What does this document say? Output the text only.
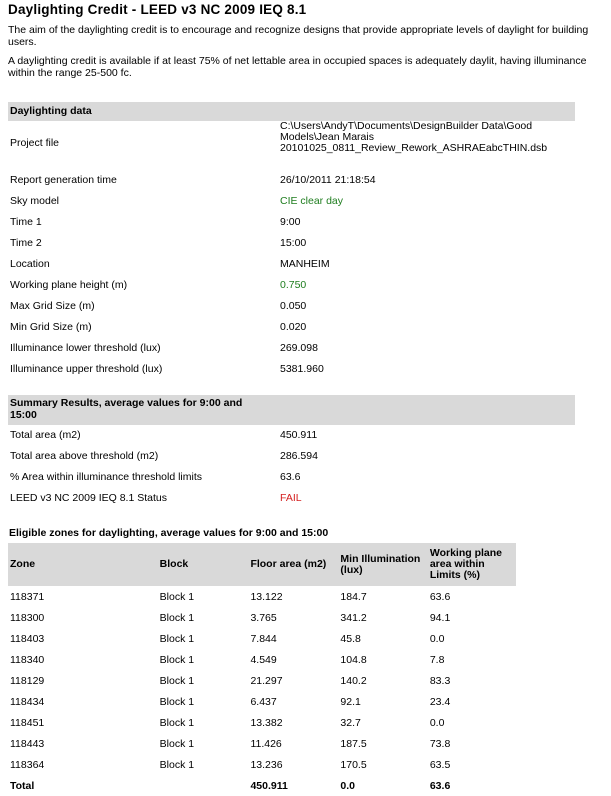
Daylighting Credit - LEED v3 NC 2009 IEQ 8.1
The aim of the daylighting credit is to encourage and recognize designs that provide appropriate levels of daylight for building users.
A daylighting credit is available if at least 75% of net lettable area in occupied spaces is adequately daylit, having illuminance within the range 25-500 fc.
Daylighting data
Project file
C:\Users\AndyT\Documents\DesignBuilder Data\Good
Models\Jean Marais
20101025_0811_Review_Rework_ASHRAEabcTHIN.dsb
Report generation time	26/10/2011 21:18:54
Sky model	CIE clear day
Time 1	9:00
Time 2	15:00
Location	MANHEIM
Working plane height (m)	0.750
Max Grid Size (m)	0.050
Min Grid Size (m)	0.020
Illuminance lower threshold (lux)	269.098
Illuminance upper threshold (lux)	5381.960
Summary Results, average values for 9:00 and
15:00
Total area (m2)	450.911
Total area above threshold (m2)	286.594
% Area within illuminance threshold limits	63.6
LEED v3 NC 2009 IEQ 8.1 Status	FAIL
Eligible zones for daylighting, average values for 9:00 and 15:00
Zone	Block	Floor area (m2)	Min Illumination (lux)	Working plane area within Limits (%)
118371	Block 1	13.122	184.7	63.6
118300	Block 1	3.765	341.2	94.1
118403	Block 1	7.844	45.8	0.0
118340	Block 1	4.549	104.8	7.8
118129	Block 1	21.297	140.2	83.3
118434	Block 1	6.437	92.1	23.4
118451	Block 1	13.382	32.7	0.0
118443	Block 1	11.426	187.5	73.8
118364	Block 1	13.236	170.5	63.5
Total		450.911	0.0	63.6
